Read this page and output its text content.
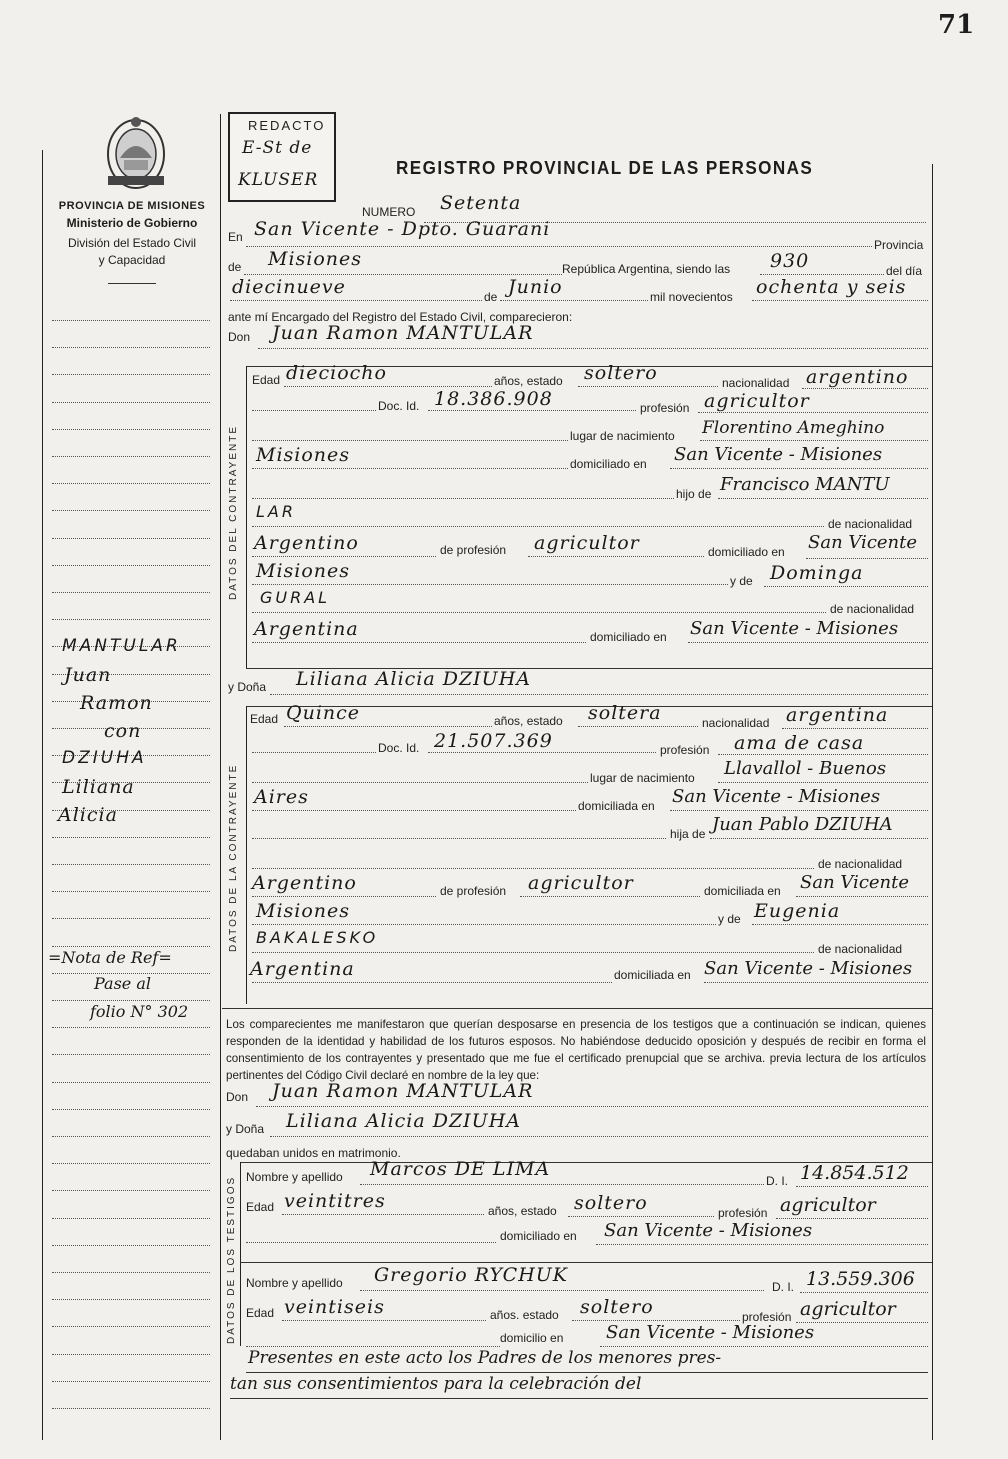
71
PROVINCIA DE MISIONES
Ministerio de Gobierno
División del Estado Civil
y Capacidad
REDACTO
E-St de
KLUSER
REGISTRO PROVINCIAL DE LAS PERSONAS
NUMERO Setenta
En San Vicente - Dpto. Guarani
Provincia
de Misiones	República Argentina, siendo las 930	del día
diecinueve	de Junio	mil novecientos ochenta y seis
ante mí Encargado del Registro del Estado Civil, comparecieron:
Don Juan Ramon MANTULAR
DATOS DEL CONTRAYENTE
Edad dieciocho	años, estado soltero	nacionalidad argentino
Doc. Id. 18.386.908	profesión agricultor
lugar de nacimiento Florentino Ameghino
Misiones	domiciliado en San Vicente - Misiones
hijo de Francisco MANTU
LAR
de nacionalidad
Argentino	de profesión agricultor	domiciliado en San Vicente
Misiones	y de Dominga
GURAL
de nacionalidad
Argentina	domiciliado en San Vicente - Misiones
y Doña Liliana Alicia DZIUHA
DATOS DE LA CONTRAYENTE
Edad Quince	años, estado soltera	nacionalidad argentina
Doc. Id. 21.507.369	profesión ama de casa
lugar de nacimiento Llavallol - Buenos
Aires	domiciliada en San Vicente - Misiones
hija de Juan Pablo DZIUHA
de nacionalidad
Argentino	de profesión agricultor	domiciliada en San Vicente
Misiones	y de Eugenia
BAKALESKO
de nacionalidad
Argentina	domiciliada en San Vicente - Misiones
Los comparecientes me manifestaron que querían desposarse en presencia de los testigos que a continuación se indican, quienes responden de la identidad y habilidad de los futuros esposos. No habiéndose deducido oposición y después de recibir en forma el consentimiento de los contrayentes y presentado que me fue el certificado prenupcial que se archiva. previa lectura de los artículos pertinentes del Código Civil declaré en nombre de la ley que:
Don Juan Ramon MANTULAR
y Doña Liliana Alicia DZIUHA
quedaban unidos en matrimonio.
DATOS DE LOS TESTIGOS Nombre y apellido Marcos DE LIMA
D. I. 14.854.512
Edad veintitres	años, estado soltero	profesión agricultor
domiciliado en San Vicente - Misiones
Nombre y apellido Gregorio RYCHUK
D. I. 13.559.306
Edad veintiseis	años. estado soltero	profesión agricultor
domicilio en San Vicente - Misiones
Presentes en este acto los Padres de los menores pres-
tan sus consentimientos para la celebración del
MANTULAR
Juan
Ramon
con
DZIUHA
Liliana
Alicia
=Nota de Ref=
Pase al
folio N° 302
